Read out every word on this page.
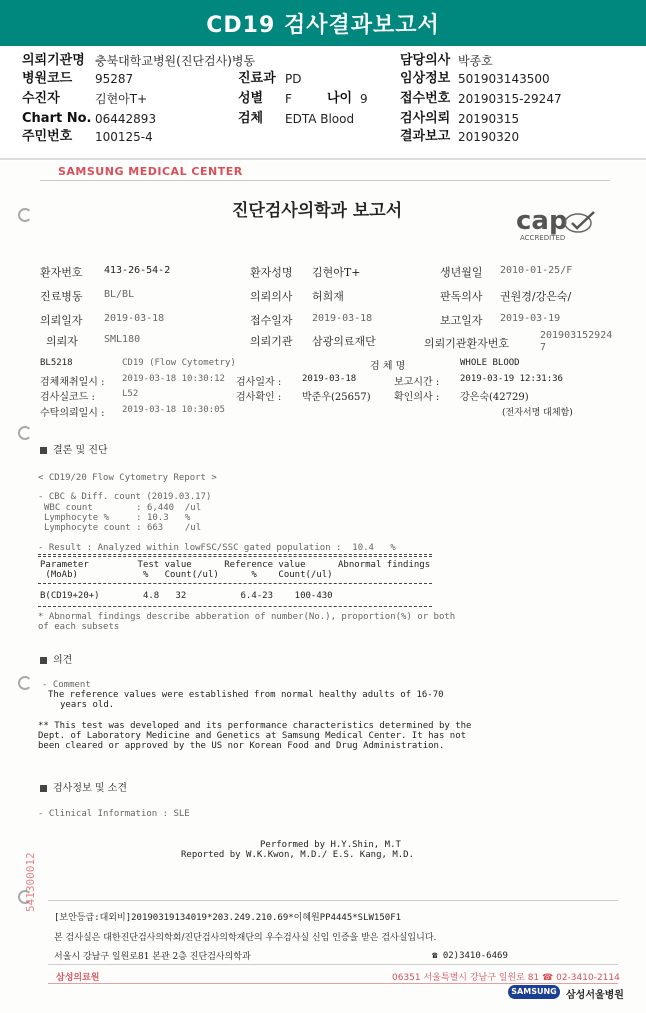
CD19 검사결과보고서
의뢰기관명 충북대학교병원(진단검사)병동	담당의사 박종호
병원코드 95287	진료과 PD	임상정보 501903143500
수진자	김현아T+	성별 F	나이 9 접수번호 20190315-29247
Chart No. 06442893	검체 EDTA Blood	검사의뢰 20190315
주민번호 100125-4	결과보고 20190320
SAMSUNG MEDICAL CENTER
진단검사의학과 보고서	cap
ACCREDITED
환자번호 413-26-54-2	환자성명 김현아T+	생년월일 2010-01-25/F
진료병동 BL/BL	의뢰의사 허희재	판독의사 권원경/강은숙/
의뢰일자 2019-03-18	접수일자 2019-03-18	보고일자 2019-03-19
의뢰자	SML180	의뢰기관 삼광의료재단	의뢰기관환자번호
201903152924
7
BL5218	CD19 (Flow Cytometry)	검 체 명	WHOLE BLOOD
검체채취일시 : 2019-03-18 10:30:12 검사일자 : 2019-03-18	보고시간 : 2019-03-19 12:31:36
검사실코드 :	L52	검사확인 : 박준우(25657) 확인의사 : 강은숙(42729)
수탁의뢰일시 : 2019-03-18 10:30:05	(전자서명 대체함)
결론 및 진단
< CD19/20 Flow Cytometry Report >
- CBC & Diff. count (2019.03.17)
WBC count        : 6,440  /ul
Lymphocyte %     : 10.3   %
Lymphocyte count : 663    /ul
- Result : Analyzed within lowFSC/SSC gated population :  10.4   %
Parameter         Test value      Reference value      Abnormal findings
(MoAb)            %   Count(/ul)      %    Count(/ul)
B(CD19+20+)        4.8   32          6.4-23    100-430
* Abnormal findings describe abberation of number(No.), proportion(%) or both
of each subsets
의견
- Comment
The reference values were established from normal healthy adults of 16-70
years old.
** This test was developed and its performance characteristics determined by the
Dept. of Laboratory Medicine and Genetics at Samsung Medical Center. It has not
been cleared or approved by the US nor Korean Food and Drug Administration.
검사정보 및 소견
- Clinical Information : SLE
Performed by H.Y.Shin, M.T
Reported by W.K.Kwon, M.D./ E.S. Kang, M.D.
541300012
[보안등급:대외비]20190319134019*203.249.210.69*이혜원PP4445*SLW150F1
본 검사실은 대한진단검사의학회/진단검사의학재단의 우수검사실 신임 인증을 받은 검사실입니다.
서울시 강남구 일원로81 본관 2층 진단검사의학과	☎ 02)3410-6469
삼성의료원	06351 서울특별시 강남구 일원로 81 ☎ 02-3410-2114
SAMSUNG 삼성서울병원
